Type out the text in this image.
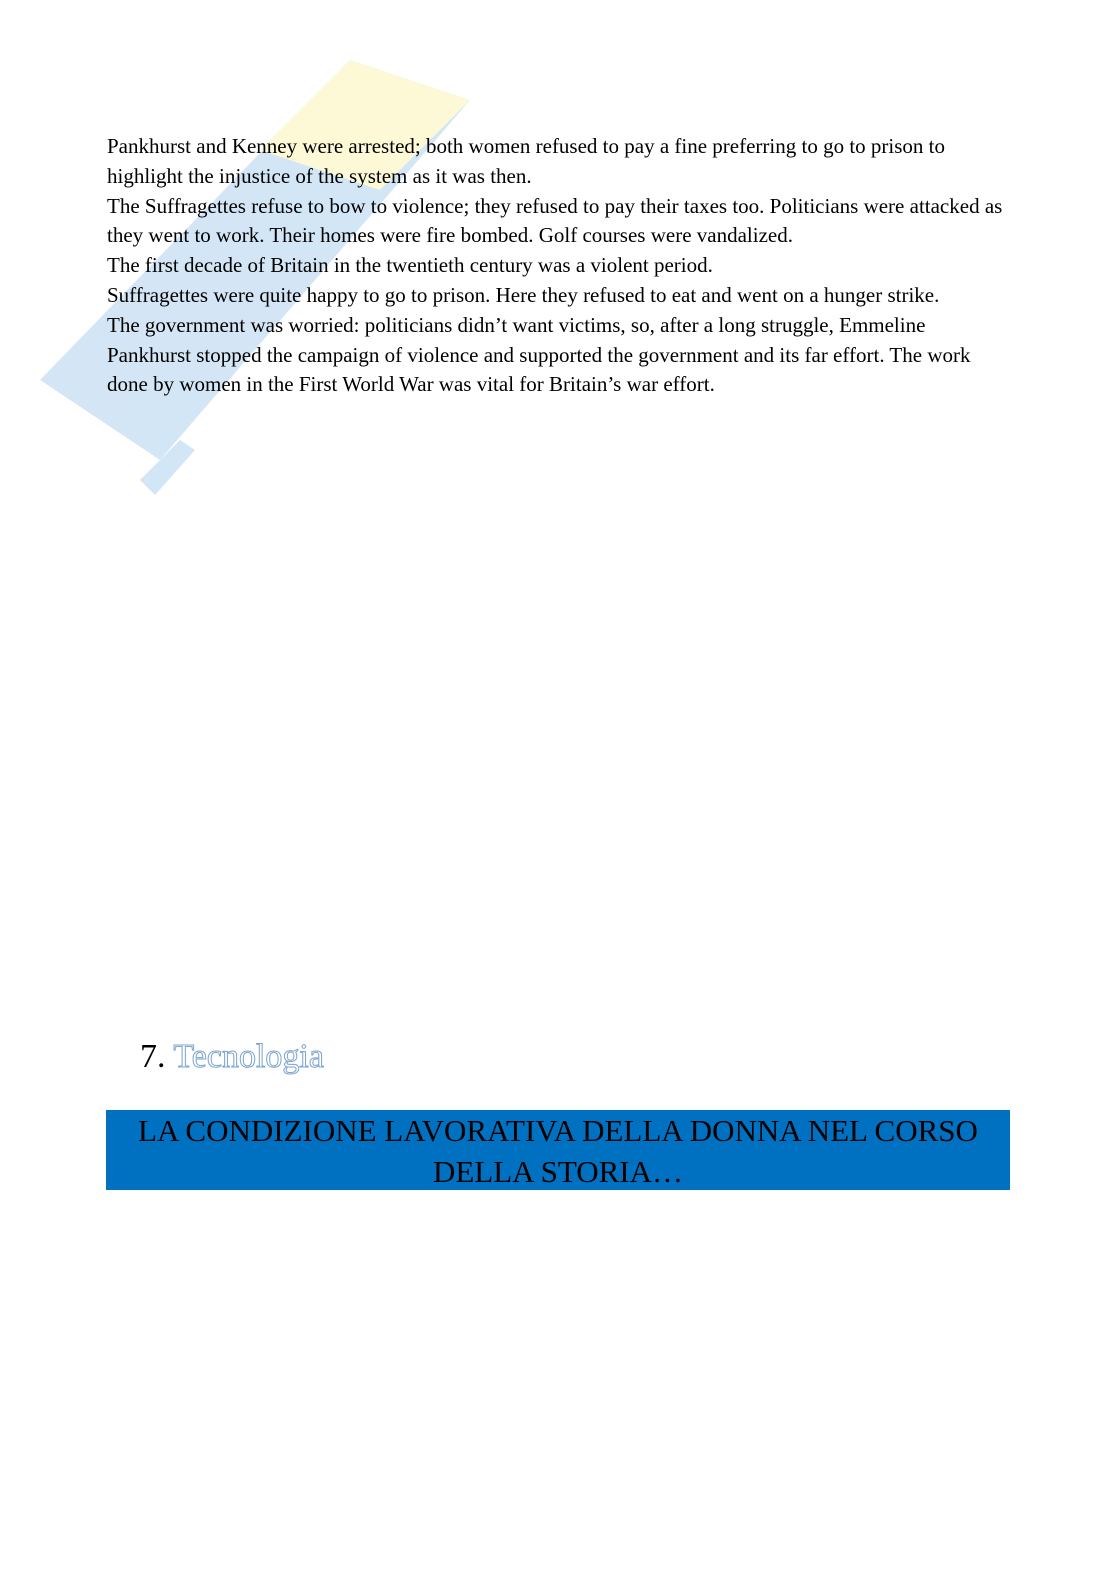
Pankhurst and Kenney were arrested; both women refused to pay a fine preferring to go to prison to highlight the injustice of the system as it was then.

The Suffragettes refuse to bow to violence; they refused to pay their taxes too. Politicians were attacked as they went to work. Their homes were fire bombed. Golf courses were vandalized.

The first decade of Britain in the twentieth century was a violent period.

Suffragettes were quite happy to go to prison. Here they refused to eat and went on a hunger strike.

The government was worried: politicians didn’t want victims, so, after a long struggle, Emmeline Pankhurst stopped the campaign of violence and supported the government and its far effort. The work done by women in the First World War was vital for Britain’s war effort.

7. Tecnologia
LA CONDIZIONE LAVORATIVA DELLA DONNA NEL CORSO DELLA STORIA…
